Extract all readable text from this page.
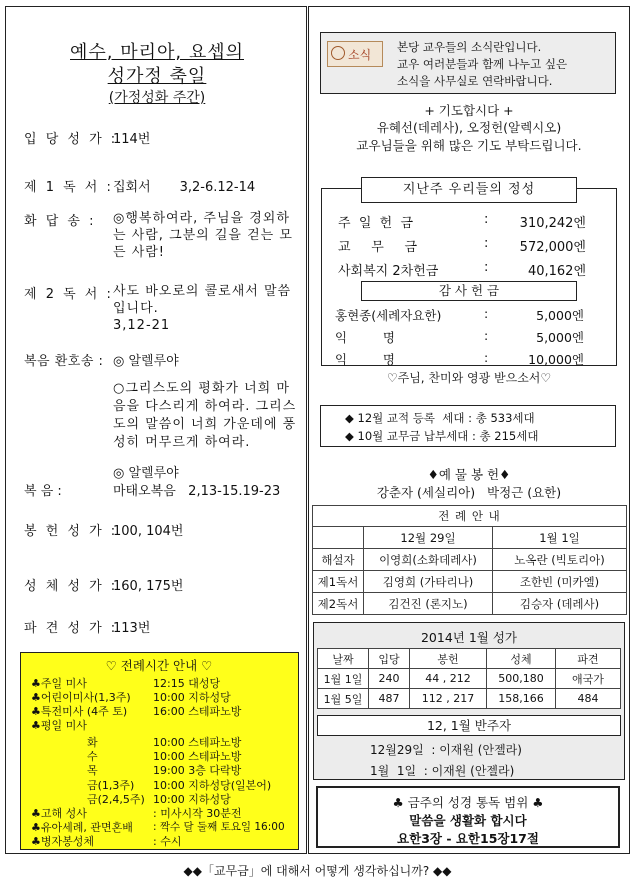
예수, 마리아, 요셉의
성가정 축일
(가정성화 주간)
입 당 성 가 :
114번
제 1 독 서 : 집회서       3,2-6.12-14
화 답 송 : ◎행복하여라, 주님을 경외하는 사람, 그분의 길을 걷는 모든 사람!
제 2 독 서 : 사도 바오로의 콜로새서 말씀입니다.
3,12-21
복음 환호송 : ◎ 알렐루야
○그리스도의 평화가 너희 마음을 다스리게 하여라. 그리스도의 말씀이 너희 가운데에 풍성히 머무르게 하여라.
◎ 알렐루야
복 음 :	마태오복음   2,13-15.19-23
봉 헌 성 가 :
100, 104번
성 체 성 가 :
160, 175번
파 견 성 가 :
113번
♡ 전례시간 안내 ♡
♣주일 미사	12:15 대성당
♣어린이미사(1,3주) 10:00 지하성당
♣특전미사 (4주 토) 16:00 스테파노방
♣평일 미사
화	10:00 스테파노방
수	10:00 스테파노방
목	19:00 3층 다락방
금(1,3주) 10:00 지하성당(일본어)
금(2,4,5주) 10:00 지하성당
♣고해 성사	: 미사시작 30분전
♣유아세례, 관면혼배 : 짝수 달 둘째 토요일 16:00
♣병자봉성체	: 수시
소식
본당 교우들의 소식란입니다.
교우 여러분들과 함께 나누고 싶은
소식을 사무실로 연락바랍니다.
+ 기도합시다 +
유혜선(데레사), 오정헌(알렉시오)
교우님들을 위해 많은 기도 부탁드립니다.
지난주 우리들의 정성
주  일  헌  금	:	310,242엔
교     무     금	:	572,000엔
사회복지 2차헌금	:	40,162엔
감 사 헌 금
홍현종(세례자요한)	:	5,000엔
익         명	:	5,000엔
익         명	:	10,000엔
♡주님, 찬미와 영광 받으소서♡
◆ 12월 교적 등록  세대 : 총 533세대
◆ 10월 교무금 납부세대 : 총 215세대
♦예 물 봉 헌♦
강춘자 (세실리아)   박정근 (요한)
전 례 안 내		
	12월 29일	1월 1일
해설자	이영희(소화데레사)	노옥란 (빅토리아)
제1독서	김영희 (가타리나)	조한빈 (미카엘)
제2독서	김건진 (론지노)	김승자 (데레사)
2014년 1월 성가
날짜	입당	봉헌	성체	파견
1월 1일	240	44 , 212	500,180	애국가
1월 5일	487	112 , 217	158,166	484
12, 1월 반주자
12월29일  : 이재원 (안젤라)
1월  1일  : 이재원 (안젤라)
♣ 금주의 성경 통독 범위 ♣
말씀을 생활화 합시다
요한3장 - 요한15장17절
◆◆「교무금」에 대해서 어떻게 생각하십니까? ◆◆
